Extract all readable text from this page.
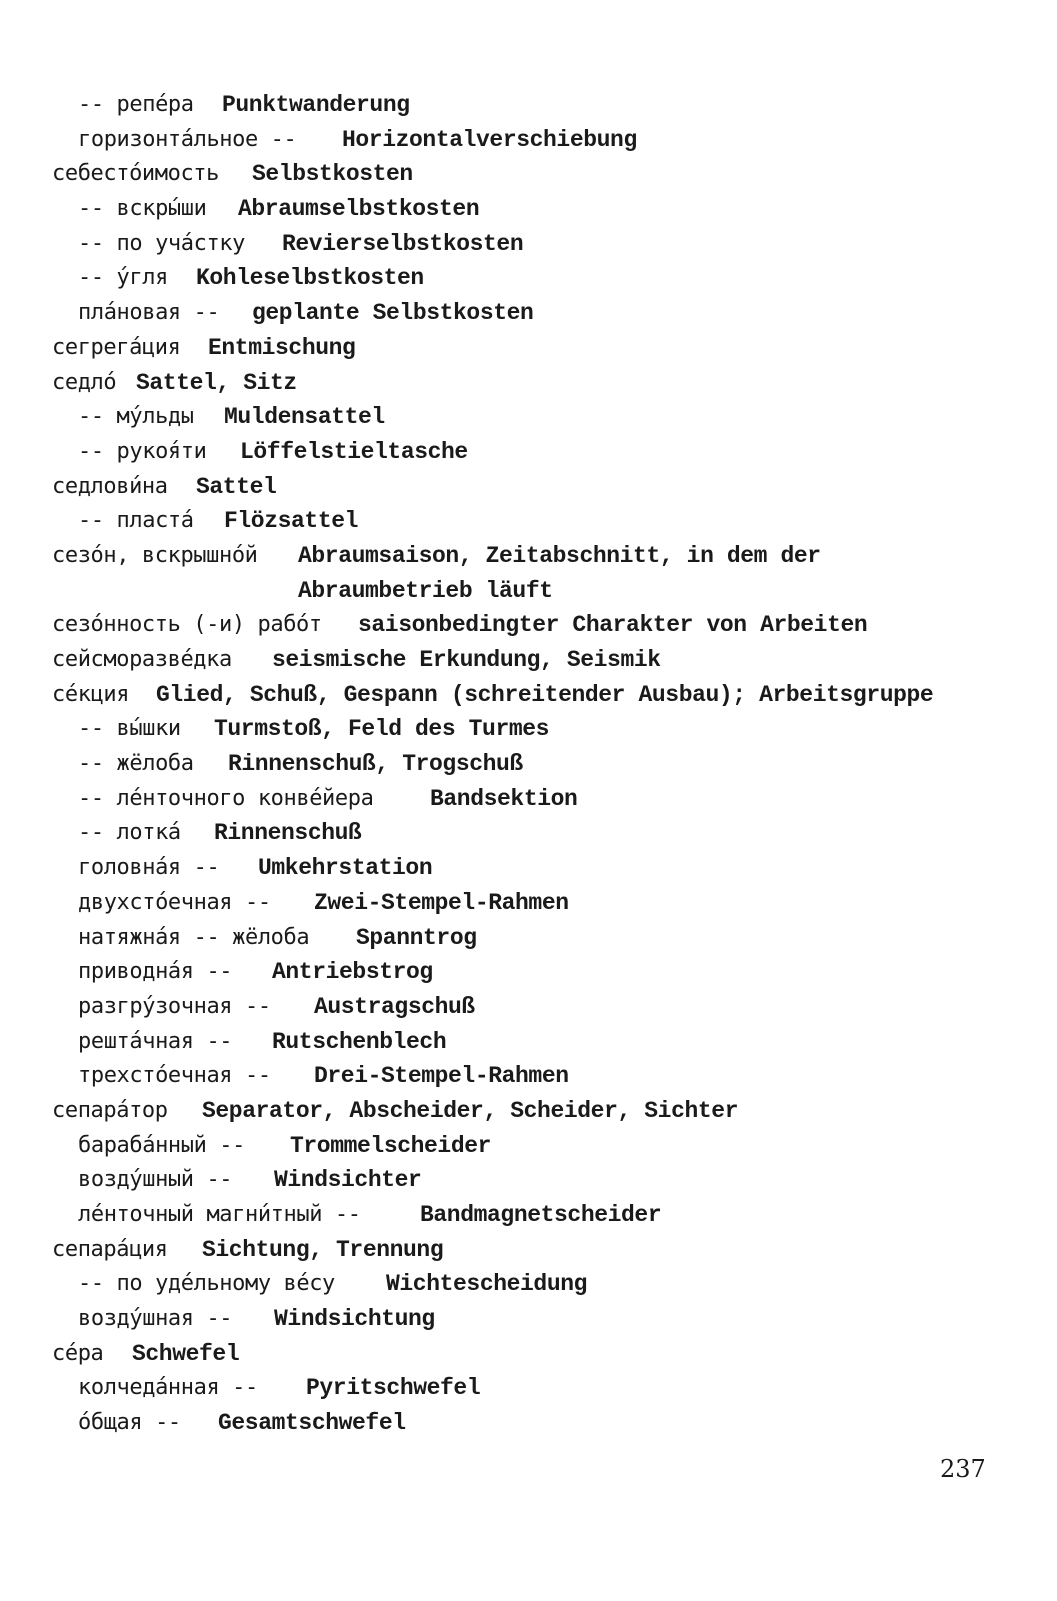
-- репе́ра Punktwanderung
горизонта́льное -- Horizontalverschiebung
себесто́имость Selbstkosten
-- вскры́ши Abraumselbstkosten
-- по уча́стку Revierselbstkosten
-- у́гля Kohleselbstkosten
пла́новая -- geplante Selbstkosten
сегрега́ция Entmischung
седло́ Sattel, Sitz
-- му́льды Muldensattel
-- рукоя́ти Löffelstieltasche
седлови́на Sattel
-- пласта́ Flözsattel
сезо́н, вскрышно́й Abraumsaison, Zeitabschnitt, in dem der
Abraumbetrieb läuft
сезо́нность (-и) рабо́т saisonbedingter Charakter von Arbeiten
сейсморазве́дка seismische Erkundung, Seismik
се́кция Glied, Schuß, Gespann (schreitender Ausbau); Arbeitsgruppe
-- вы́шки Turmstoß, Feld des Turmes
-- жёлоба Rinnenschuß, Trogschuß
-- ле́нточного конве́йера Bandsektion
-- лотка́ Rinnenschuß
головна́я -- Umkehrstation
двухсто́ечная -- Zwei-Stempel-Rahmen
натяжна́я -- жёлоба Spanntrog
приводна́я -- Antriebstrog
разгру́зочная -- Austragschuß
решта́чная -- Rutschenblech
трехсто́ечная -- Drei-Stempel-Rahmen
сепара́тор Separator, Abscheider, Scheider, Sichter
бараба́нный -- Trommelscheider
возду́шный -- Windsichter
ле́нточный магни́тный --	Bandmagnetscheider
сепара́ция Sichtung, Trennung
-- по уде́льному ве́су Wichtescheidung
возду́шная -- Windsichtung
се́ра Schwefel
колчеда́нная -- Pyritschwefel
о́бщая -- Gesamtschwefel
237
